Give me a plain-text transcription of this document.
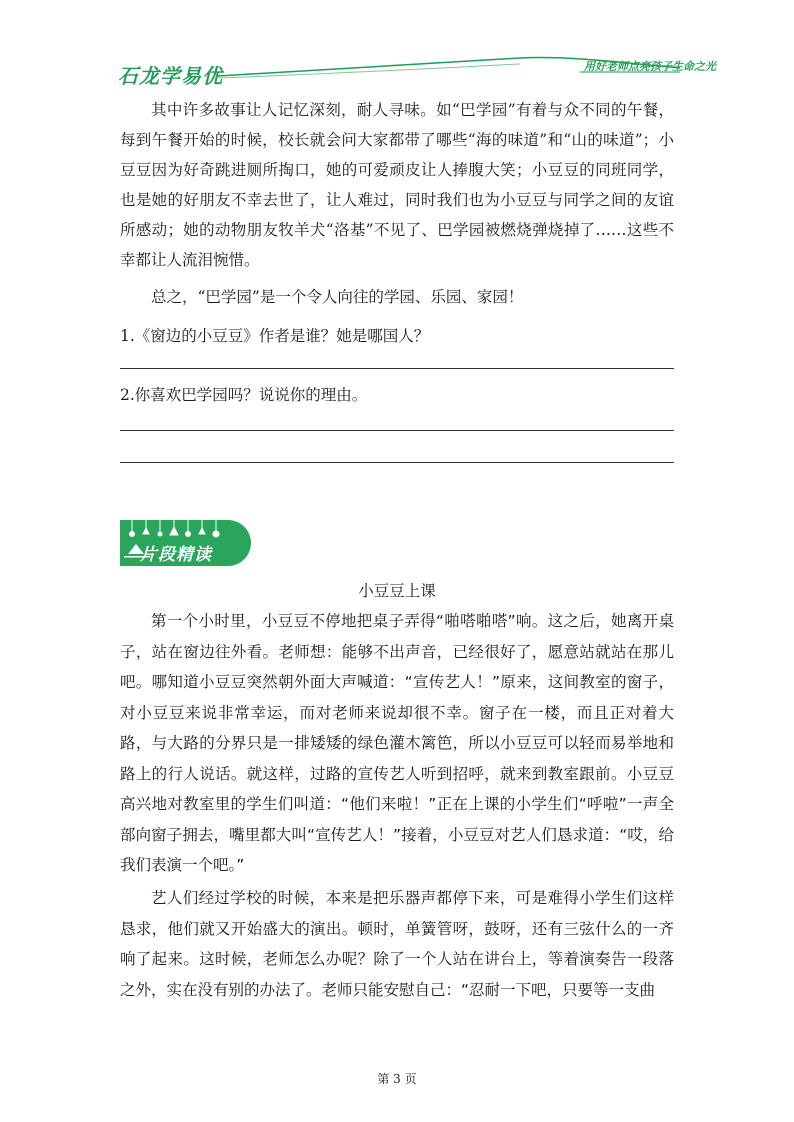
石龙学易优	用好老师点亮孩子生命之光

其中许多故事让人记忆深刻，耐人寻味。如“巴学园”有着与众不同的午餐，每到午餐开始的时候，校长就会问大家都带了哪些“海的味道”和“山的味道”；小豆豆因为好奇跳进厕所掏口，她的可爱顽皮让人捧腹大笑；小豆豆的同班同学，也是她的好朋友不幸去世了，让人难过，同时我们也为小豆豆与同学之间的友谊所感动；她的动物朋友牧羊犬“洛基”不见了、巴学园被燃烧弹烧掉了……这些不幸都让人流泪惋惜。

总之，“巴学园”是一个令人向往的学园、乐园、家园！

1.《窗边的小豆豆》作者是谁？她是哪国人？

2.你喜欢巴学园吗？说说你的理由。

片段精读
小豆豆上课

第一个小时里，小豆豆不停地把桌子弄得“啪嗒啪嗒”响。这之后，她离开桌子，站在窗边往外看。老师想：能够不出声音，已经很好了，愿意站就站在那儿吧。哪知道小豆豆突然朝外面大声喊道：“宣传艺人！”原来，这间教室的窗子，对小豆豆来说非常幸运，而对老师来说却很不幸。窗子在一楼，而且正对着大路，与大路的分界只是一排矮矮的绿色灌木篱笆，所以小豆豆可以轻而易举地和路上的行人说话。就这样，过路的宣传艺人听到招呼，就来到教室跟前。小豆豆高兴地对教室里的学生们叫道：“他们来啦！”正在上课的小学生们“呼啦”一声全部向窗子拥去，嘴里都大叫“宣传艺人！”接着，小豆豆对艺人们恳求道：“哎，给我们表演一个吧。”

艺人们经过学校的时候，本来是把乐器声都停下来，可是难得小学生们这样恳求，他们就又开始盛大的演出。顿时，单簧管呀，鼓呀，还有三弦什么的一齐响了起来。这时候，老师怎么办呢？除了一个人站在讲台上，等着演奏告一段落之外，实在没有别的办法了。老师只能安慰自己：“忍耐一下吧，只要等一支曲

第 3 页
